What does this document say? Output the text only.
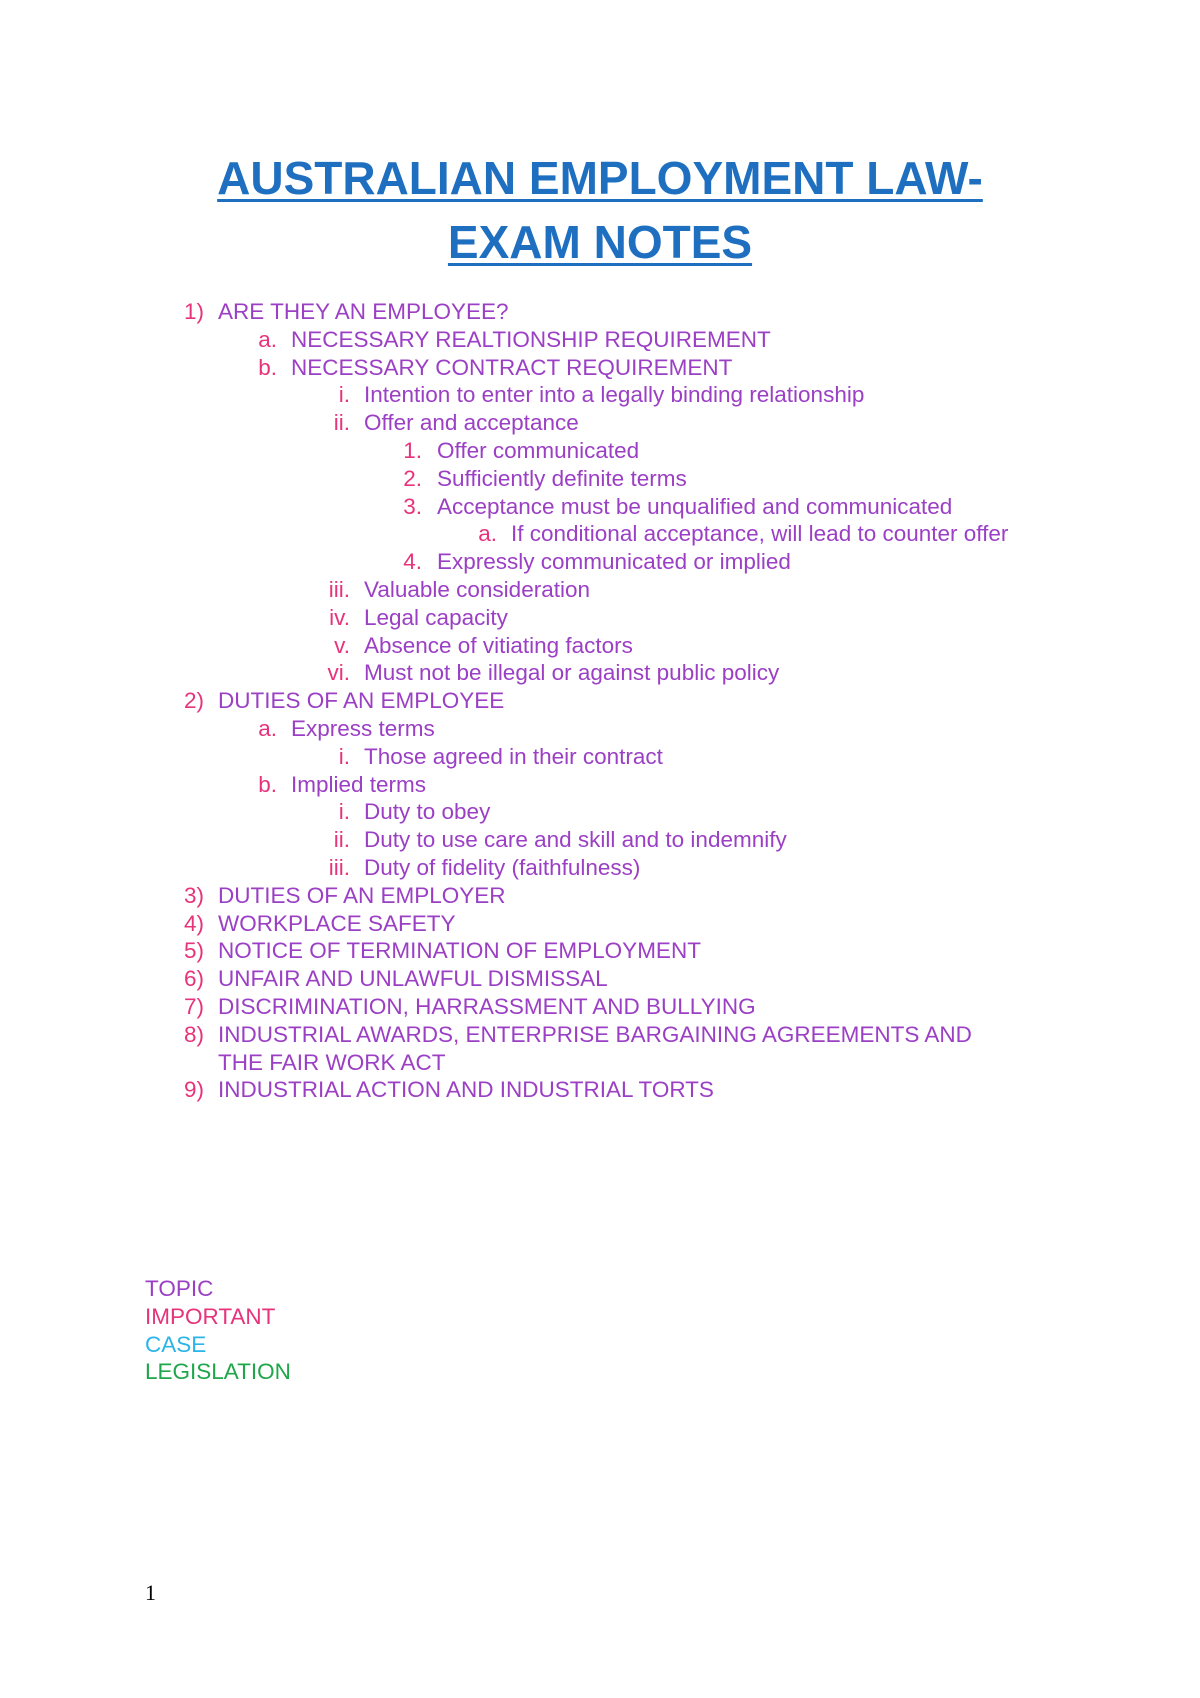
AUSTRALIAN EMPLOYMENT LAW-
EXAM NOTES
1) ARE THEY AN EMPLOYEE?
a. NECESSARY REALTIONSHIP REQUIREMENT
b. NECESSARY CONTRACT REQUIREMENT
i. Intention to enter into a legally binding relationship
ii. Offer and acceptance
1. Offer communicated
2. Sufficiently definite terms
3. Acceptance must be unqualified and communicated
a. If conditional acceptance, will lead to counter offer
4. Expressly communicated or implied
iii. Valuable consideration
iv. Legal capacity
v. Absence of vitiating factors
vi. Must not be illegal or against public policy
2) DUTIES OF AN EMPLOYEE
a. Express terms
i. Those agreed in their contract
b. Implied terms
i. Duty to obey
ii. Duty to use care and skill and to indemnify
iii. Duty of fidelity (faithfulness)
3) DUTIES OF AN EMPLOYER
4) WORKPLACE SAFETY
5) NOTICE OF TERMINATION OF EMPLOYMENT
6) UNFAIR AND UNLAWFUL DISMISSAL
7) DISCRIMINATION, HARRASSMENT AND BULLYING
8) INDUSTRIAL AWARDS, ENTERPRISE BARGAINING AGREEMENTS AND
THE FAIR WORK ACT
9) INDUSTRIAL ACTION AND INDUSTRIAL TORTS
TOPIC
IMPORTANT
CASE
LEGISLATION
1
